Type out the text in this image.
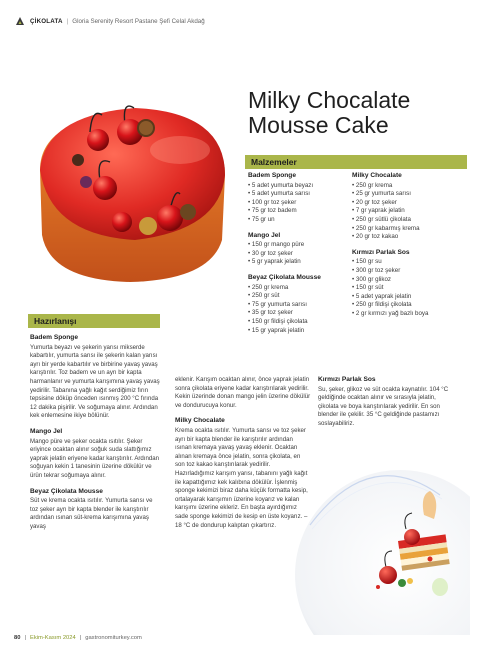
ÇİKOLATA | Gloria Serenity Resort Pastane Şefi Celal Akdağ
Milky Chocalate
Mousse Cake
Malzemeler
Badem Sponge
• 5 adet yumurta beyazı
• 5 adet yumurta sarısı
• 100 gr toz şeker
• 75 gr toz badem
• 75 gr un
Mango Jel
• 150 gr mango püre
• 30 gr toz şeker
• 5 gr yaprak jelatin
Beyaz Çikolata Mousse
• 250 gr krema
• 250 gr süt
• 75 gr yumurta sarısı
• 35 gr toz şeker
• 150 gr fildişi çikolata
• 15 gr yaprak jelatin
Milky Chocalate
• 250 gr krema
• 25 gr yumurta sarısı
• 20 gr toz şeker
• 7 gr yaprak jelatin
• 250 gr sütlü çikolata
• 250 gr kabarmış krema
• 20 gr toz kakao
Kırmızı Parlak Sos
• 150 gr su
• 300 gr toz şeker
• 300 gr glikoz
• 150 gr süt
• 5 adet yaprak jelatin
• 250 gr fildişi çikolata
• 2 gr kırmızı yağ bazlı boya
Hazırlanışı
Badem Sponge
Yumurta beyazı ve şekerin yarısı mikserde kabartılır, yumurta sarısı ile şekerin kalan yarısı ayrı bir yerde kabartılır ve birbirine yavaş yavaş karıştırılır. Toz badem ve un ayrı bir kapta harmanlanır ve yumurta karışımına yavaş yavaş yedirilir. Tabanına yağlı kağıt serdiğimiz fırın tepsisine döküp önceden ısınmış 200 °C fırında 12 dakika pişirilir. Ve soğumaya alınır. Ardından kek enlemesine ikiye bölünür.
Mango Jel
Mango püre ve şeker ocakta ısıtılır. Şeker eriyince ocaktan alınır soğuk suda slattığımız yaprak jelatin eriyene kadar karıştırılır. Ardından soğuyan kekin 1 tanesinin üzerine dökülür ve ürün tekrar soğumaya alınır.
Beyaz Çikolata Mousse
Süt ve krema ocakta ısıtılır. Yumurta sarısı ve toz şeker ayrı bir kapta blender ile karıştırılır ardından ısınan süt-krema karışımına yavaş yavaş
eklenir. Karışım ocaktan alınır, önce yaprak jelatin sonra çikolata eriyene kadar karıştırılarak yedirilir. Kekin üzerinde donan mango jelin üzerine dökülür ve dondurucuya konur.
Milky Chocalate
Krema ocakta ısıtılır. Yumurta sarısı ve toz şeker ayrı bir kapta blender ile karıştırılır ardından ısınan kremaya yavaş yavaş eklenir. Ocaktan alınan kremaya önce jelatin, sonra çikolata, en son toz kakao karıştırılarak yedirilir. Hazırladığımız karışım yarısı, tabanını yağlı kağıt ile kapattığımız kek kalıbına dökülür. İşlenmiş sponge kekimizi biraz daha küçük formatta kesip, ortalayarak karışımın üzerine koyarız ve kalan karışımı üzerine ekleriz. En başta ayırdığımız sade sponge kekimizi de kesip en üste koyarız. –18 °C de dondurup kalıptan çıkartırız.
Kırmızı Parlak Sos
Su, şeker, glikoz ve süt ocakta kaynatılır. 104 °C geldiğinde ocaktan alınır ve sırasıyla jelatin, çikolata ve boya karıştırılarak yedirilir. En son blender ile çekilir. 35 °C geldiğinde pastamızı soslayabiliriz.
80 | Ekim-Kasım 2024 | gastronomiturkey.com
